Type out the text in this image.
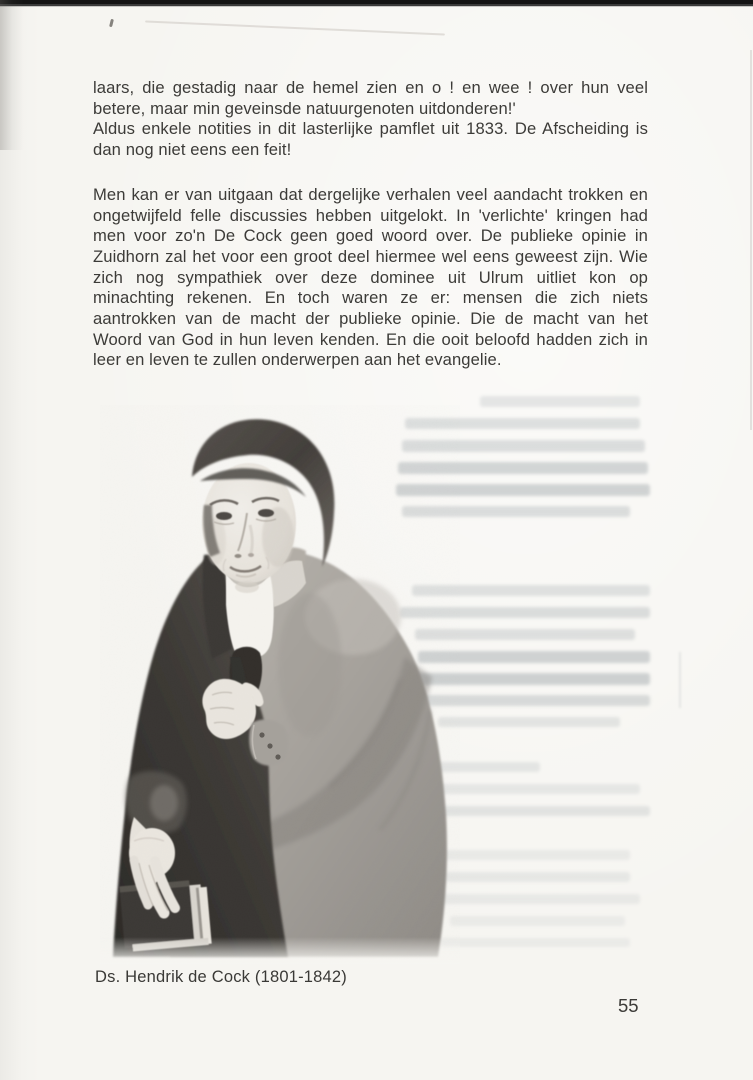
laars, die gestadig naar de hemel zien en o ! en wee ! over hun veel betere, maar min geveinsde natuurgenoten uitdonderen!'

Aldus enkele notities in dit lasterlijke pamflet uit 1833. De Afscheiding is dan nog niet eens een feit!

Men kan er van uitgaan dat dergelijke verhalen veel aandacht trokken en ongetwijfeld felle discussies hebben uitgelokt. In 'verlichte' kringen had men voor zo'n De Cock geen goed woord over. De publieke opinie in Zuidhorn zal het voor een groot deel hiermee wel eens geweest zijn. Wie zich nog sympathiek over deze dominee uit Ulrum uitliet kon op minachting rekenen. En toch waren ze er: mensen die zich niets aantrokken van de macht der publieke opinie. Die de macht van het Woord van God in hun leven kenden. En die ooit beloofd hadden zich in leer en leven te zullen onderwerpen aan het evangelie.

Ds. Hendrik de Cock (1801-1842)
55
